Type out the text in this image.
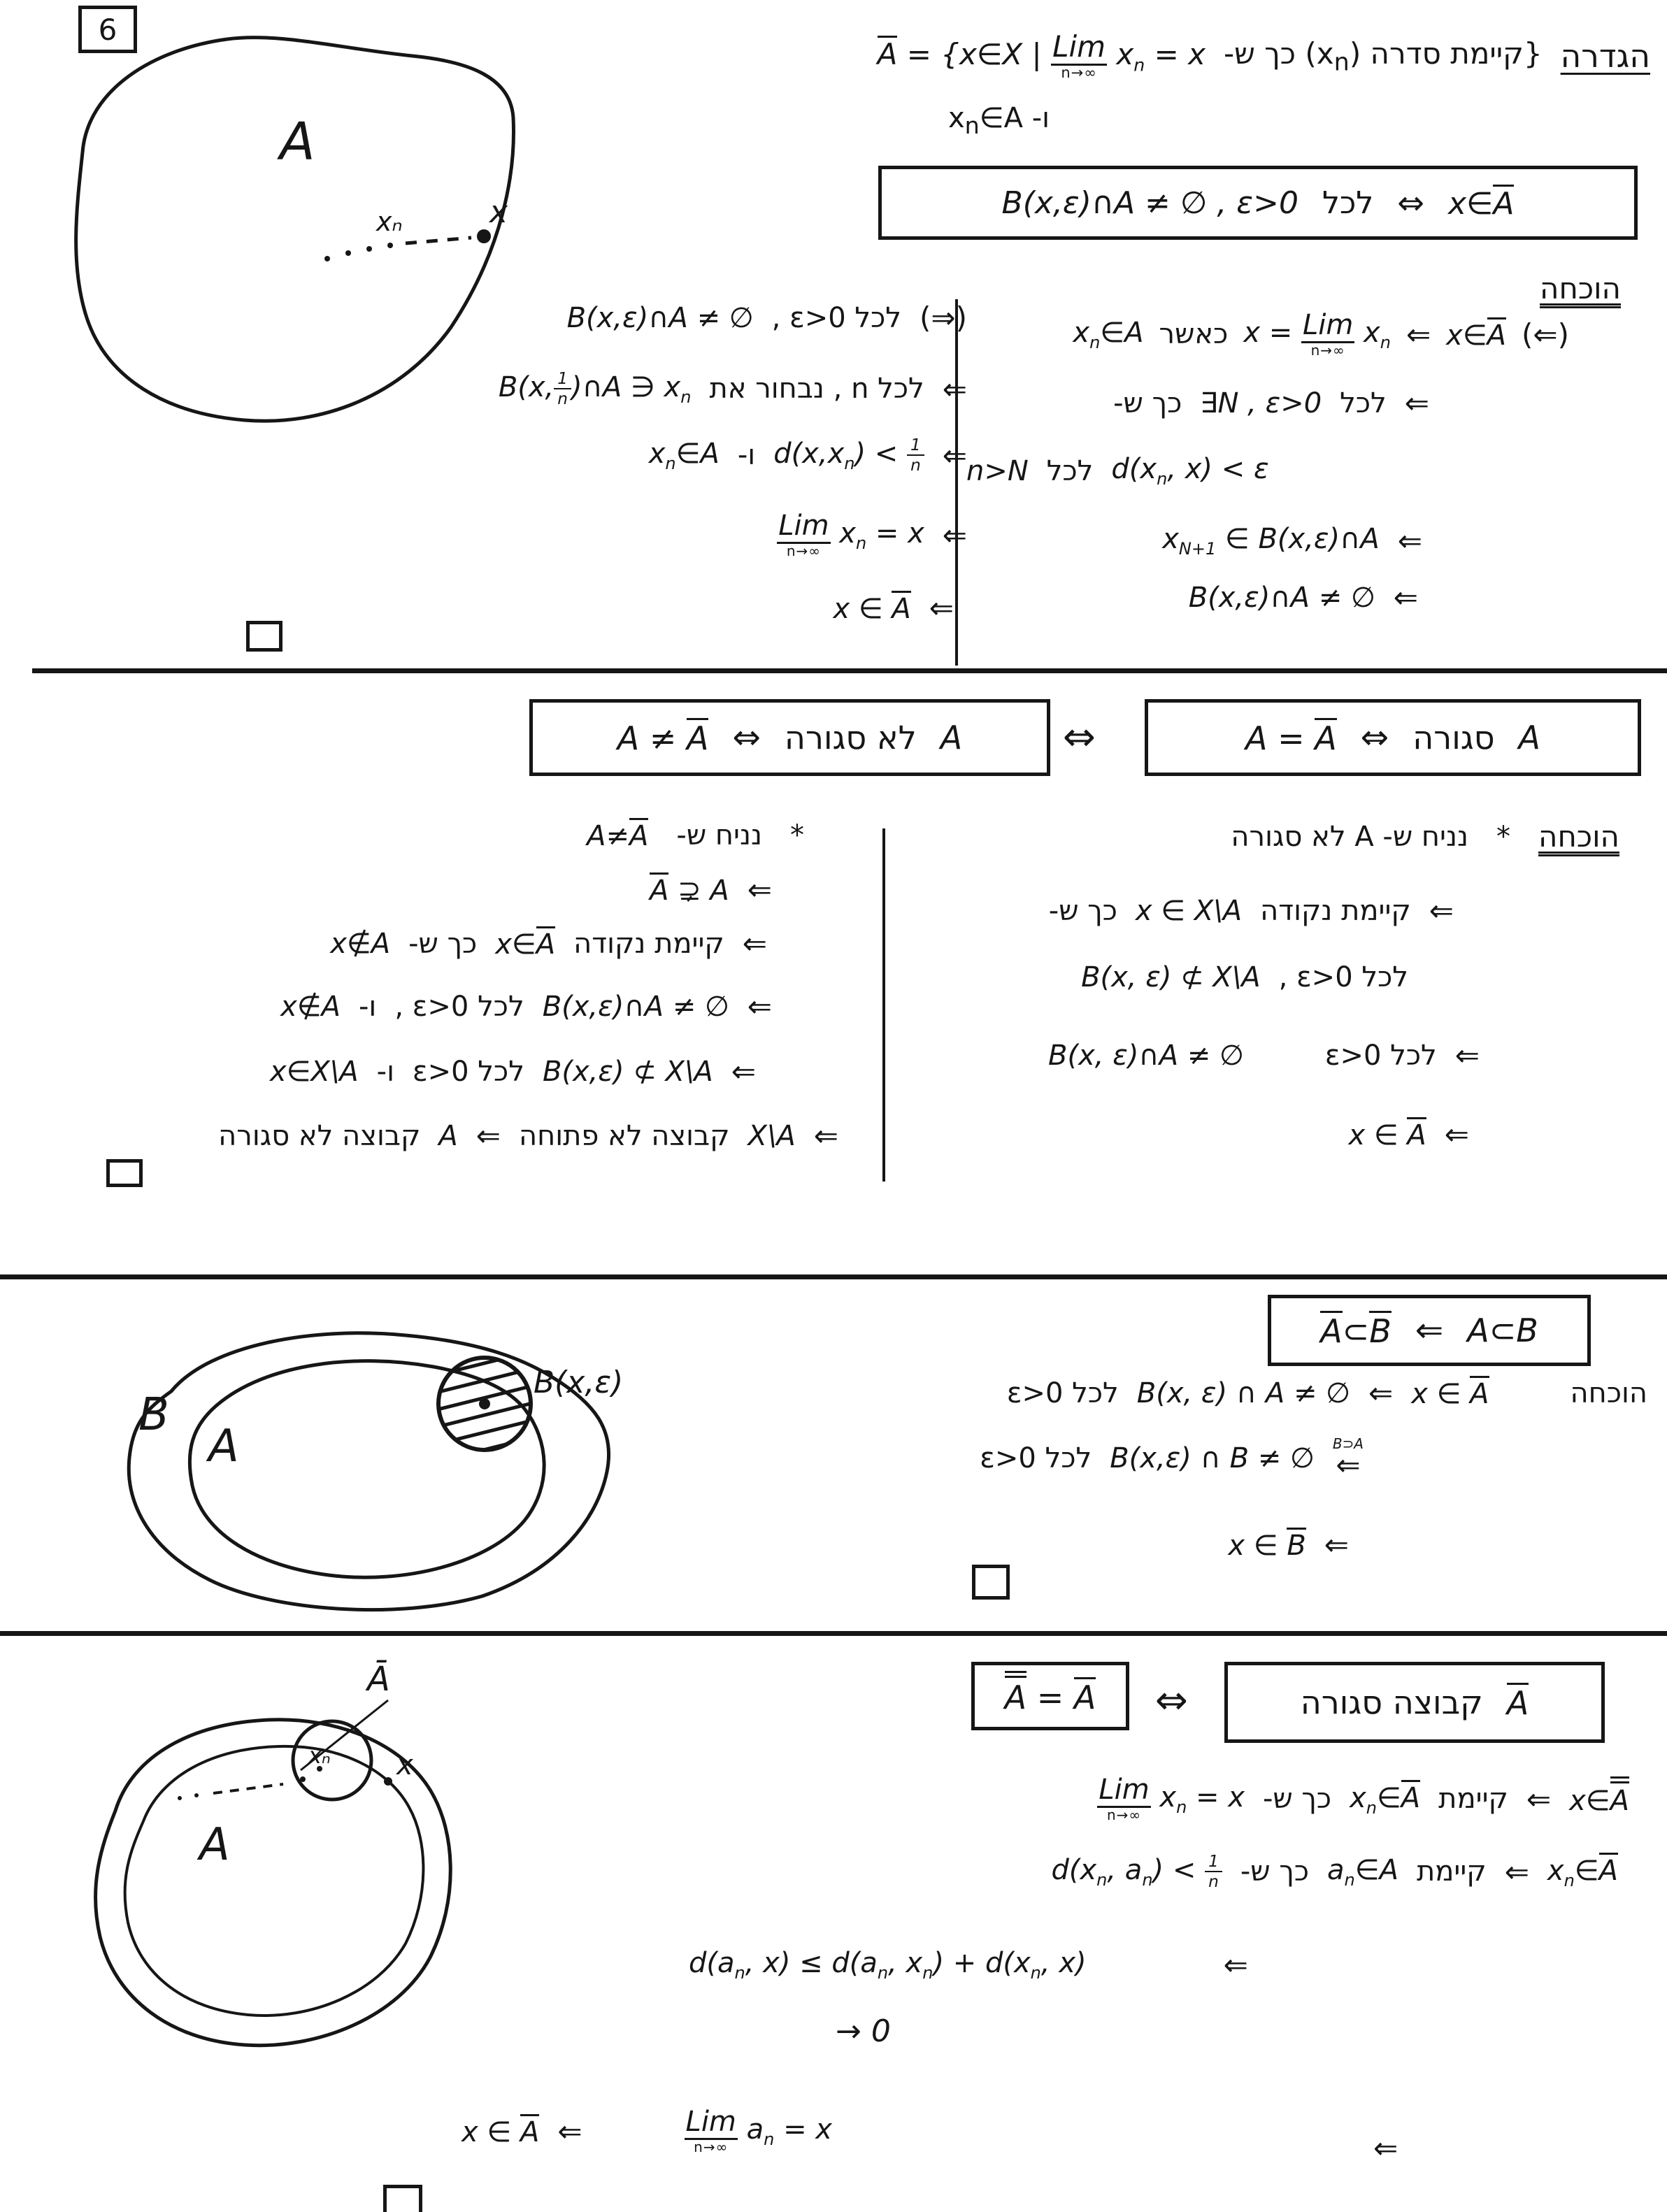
6
A
xₙ	x
A = {x∈X | Lim
n→∞
$x_n = x$	{קיימת סדרה $(x_n)$ כך ש-	הגדרה
ו- $x_n\in A$
B(x,ε)∩A ≠ ∅ , ε>0 לכל ⇔ x∈A
הוכחה
$x_n\in A$ כאשר x = Lim
n→∞
$x_n$ ⇐ x∈A (⇐)
כך ש- ∃N , ε>0 לכל ⇐
n>N לכל $d(x_n$, x) < ε
$x_{N+1}$ ∈ B(x,ε)∩A ⇐
B(x,ε)∩A ≠ ∅ ⇐
B(x,ε)∩A ≠ ∅ לכל ε>0 , (⇒)
B(x, $\frac{1}{n}$ )∩A ∋ $x_n$ לכל n , נבחור את ⇐
$x_n\in A$ ו- $d(x,x_n) < \frac{1}{n}$ ⇐
Lim
n→∞
$x_n = x$ ⇐
x ∈ A ⇐
A ≠ A ⇔ לא סגורה A	⇔	A = A ⇔ סגורה A
נניח ש- A לא סגורה * הוכחה
כך ש- x ∈ X\A קיימת נקודה ⇐
B(x, ε) ⊄ X\A לכל ε>0 ,
B(x, ε)∩A ≠ ∅	לכל ε>0 ⇐
x ∈ A ⇐
A≠A נניח ש- *
A ⊋ A ⇐
x∉A כך ש- x∈A קיימת נקודה ⇐
x∉A ו- לכל ε>0 , B(x,ε)∩A ≠ ∅ ⇐
x∈X\A ו- לכל ε>0 B(x,ε) ⊄ X\A ⇐
קבוצה לא סגורה A ⇐ קבוצה לא פתוחה X\A ⇐
B
A
B(x,ε)
A⊂B ⇐ A⊂B
לכל ε>0 B(x, ε) ∩ A ≠ ∅ ⇐ x ∈ A	הוכחה
לכל ε>0 B(x,ε) ∩ B ≠ ∅ B⊃A
⇐
x ∈ B ⇐
Ā
xₙ x
A
A = A ⇔	קבוצה סגורה A
Lim
n→∞
$x_n = x$ כך ש- $x_n\in A$ קיימת ⇐ x∈A
$d(x_n$, $a_n) < \frac{1}{n}$ כך ש- $a_n\in A$ קיימת ⇐ $x_n\in A$
$d(a_n$, $x) \le d(a_n$, $x_n) + d(x_n$, x)	⇐
→ 0
x ∈ A ⇐	Lim
n→∞
$a_n = x$
⇐
